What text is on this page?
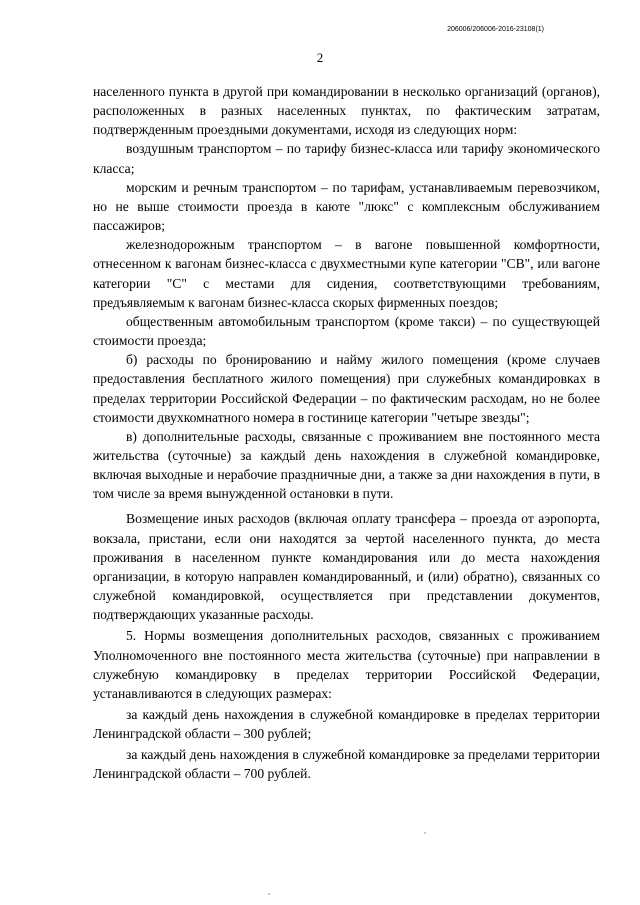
206006/206006-2016-23108(1)
2

населенного пункта в другой при командировании в несколько организаций (органов), расположенных в разных населенных пунктах, по фактическим затратам, подтвержденным проездными документами, исходя из следующих норм:

воздушным транспортом – по тарифу бизнес-класса или тарифу экономического класса;

морским и речным транспортом – по тарифам, устанавливаемым перевозчиком, но не выше стоимости проезда в каюте "люкс" с комплексным обслуживанием пассажиров;

железнодорожным транспортом – в вагоне повышенной комфортности, отнесенном к вагонам бизнес-класса с двухместными купе категории "СВ", или вагоне категории "С" с местами для сидения, соответствующими требованиям, предъявляемым к вагонам бизнес-класса скорых фирменных поездов;

общественным автомобильным транспортом (кроме такси) – по существующей стоимости проезда;

б) расходы по бронированию и найму жилого помещения (кроме случаев предоставления бесплатного жилого помещения) при служебных командировках в пределах территории Российской Федерации – по фактическим расходам, но не более стоимости двухкомнатного номера в гостинице категории "четыре звезды";

в) дополнительные расходы, связанные с проживанием вне постоянного места жительства (суточные) за каждый день нахождения в служебной командировке, включая выходные и нерабочие праздничные дни, а также за дни нахождения в пути, в том числе за время вынужденной остановки в пути.

Возмещение иных расходов (включая оплату трансфера – проезда от аэропорта, вокзала, пристани, если они находятся за чертой населенного пункта, до места проживания в населенном пункте командирования или до места нахождения организации, в которую направлен командированный, и (или) обратно), связанных со служебной командировкой, осуществляется при представлении документов, подтверждающих указанные расходы.

5. Нормы возмещения дополнительных расходов, связанных с проживанием Уполномоченного вне постоянного места жительства (суточные) при направлении в служебную командировку в пределах территории Российской Федерации, устанавливаются в следующих размерах:

за каждый день нахождения в служебной командировке в пределах территории Ленинградской области – 300 рублей;

за каждый день нахождения в служебной командировке за пределами территории Ленинградской области – 700 рублей.
